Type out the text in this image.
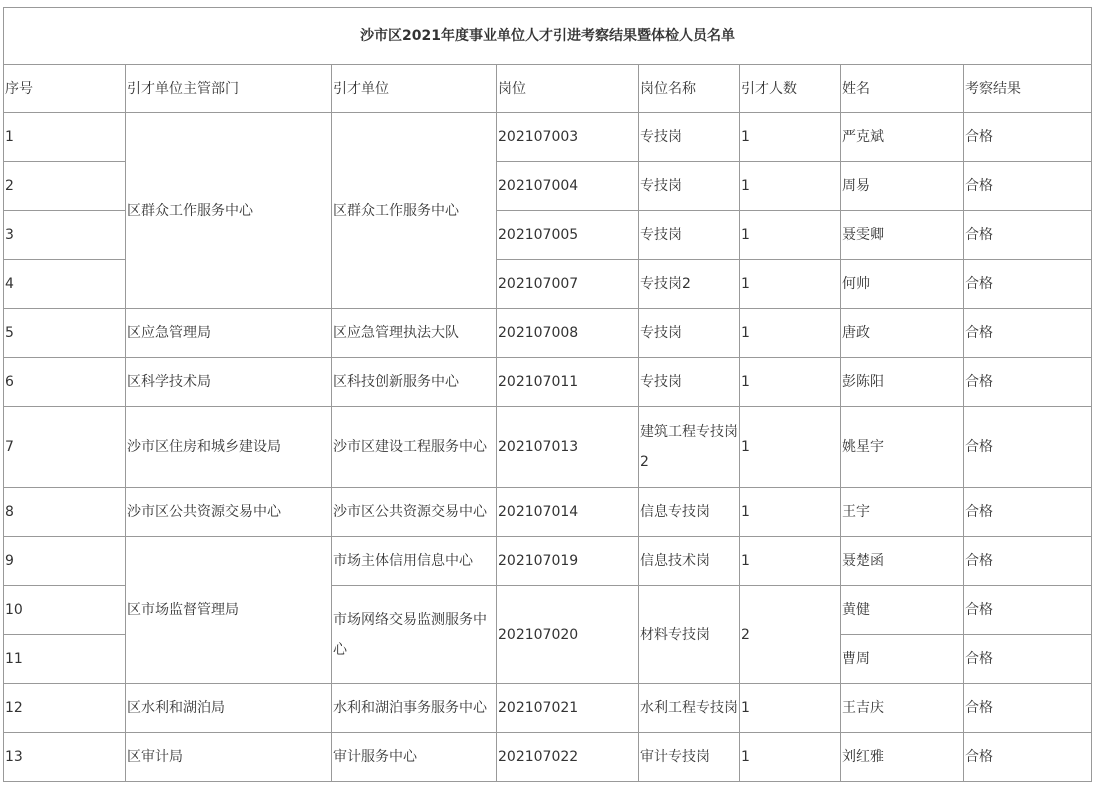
沙市区2021年度事业单位人才引进考察结果暨体检人员名单							
序号	引才单位主管部门	引才单位	岗位	岗位名称	引才人数	姓名	考察结果
1	区群众工作服务中心	区群众工作服务中心	202107003	专技岗	1	严克斌	合格
2			202107004	专技岗	1	周易	合格
3			202107005	专技岗	1	聂雯卿	合格
4			202107007	专技岗2	1	何帅	合格
5	区应急管理局	区应急管理执法大队	202107008	专技岗	1	唐政	合格
6	区科学技术局	区科技创新服务中心	202107011	专技岗	1	彭陈阳	合格
7	沙市区住房和城乡建设局	沙市区建设工程服务中心	202107013	建筑工程专技岗2	1	姚星宇	合格
8	沙市区公共资源交易中心	沙市区公共资源交易中心	202107014	信息专技岗	1	王宇	合格
9	区市场监督管理局	市场主体信用信息中心	202107019	信息技术岗	1	聂楚函	合格
10		市场网络交易监测服务中心	202107020	材料专技岗	2	黄健	合格
11						曹周	合格
12	区水利和湖泊局	水利和湖泊事务服务中心	202107021	水利工程专技岗	1	王吉庆	合格
13	区审计局	审计服务中心	202107022	审计专技岗	1	刘红雅	合格
